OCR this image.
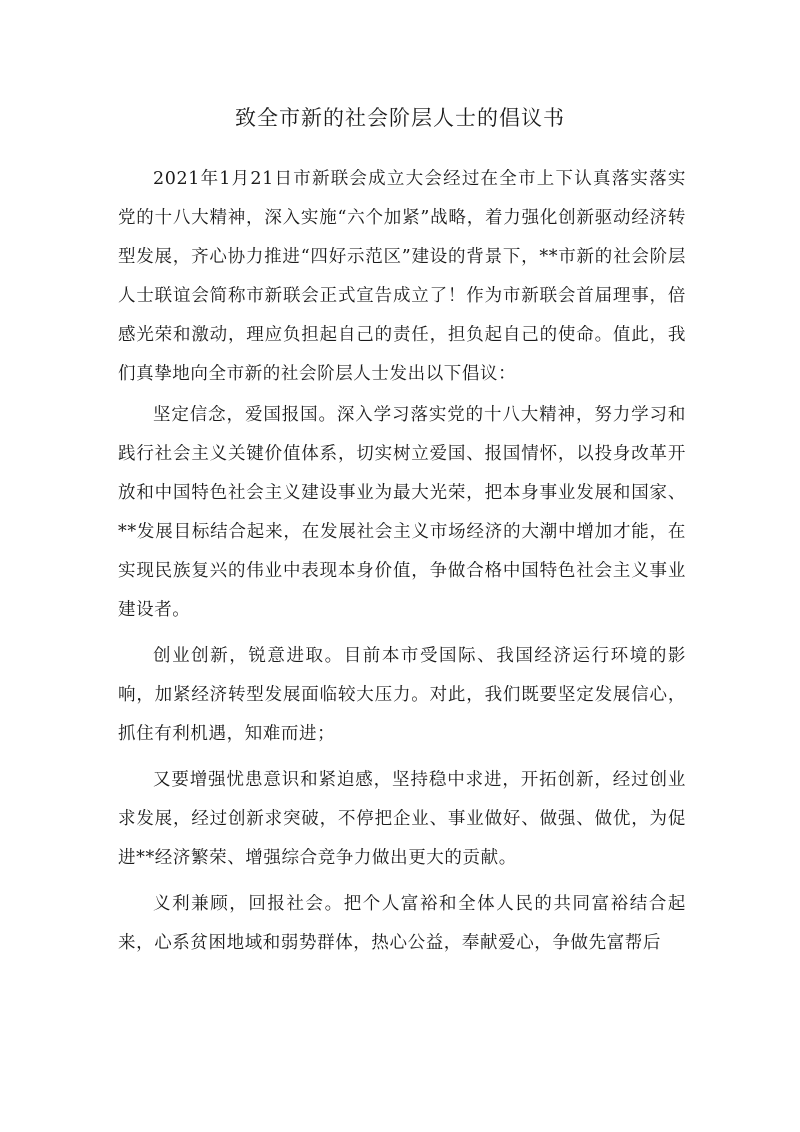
致全市新的社会阶层人士的倡议书

2021年1月21日市新联会成立大会经过在全市上下认真落实落实党的十八大精神，深入实施“六个加紧”战略，着力强化创新驱动经济转型发展，齐心协力推进“四好示范区”建设的背景下，**市新的社会阶层人士联谊会简称市新联会正式宣告成立了！作为市新联会首届理事，倍感光荣和激动，理应负担起自己的责任，担负起自己的使命。值此，我们真挚地向全市新的社会阶层人士发出以下倡议：

坚定信念，爱国报国。深入学习落实党的十八大精神，努力学习和践行社会主义关键价值体系，切实树立爱国、报国情怀，以投身改革开放和中国特色社会主义建设事业为最大光荣，把本身事业发展和国家、**发展目标结合起来，在发展社会主义市场经济的大潮中增加才能，在实现民族复兴的伟业中表现本身价值，争做合格中国特色社会主义事业建设者。

创业创新，锐意进取。目前本市受国际、我国经济运行环境的影响，加紧经济转型发展面临较大压力。对此，我们既要坚定发展信心，抓住有利机遇，知难而进；

又要增强忧患意识和紧迫感，坚持稳中求进，开拓创新，经过创业求发展，经过创新求突破，不停把企业、事业做好、做强、做优，为促进**经济繁荣、增强综合竞争力做出更大的贡献。

义利兼顾，回报社会。把个人富裕和全体人民的共同富裕结合起来，心系贫困地域和弱势群体，热心公益，奉献爱心，争做先富帮后
